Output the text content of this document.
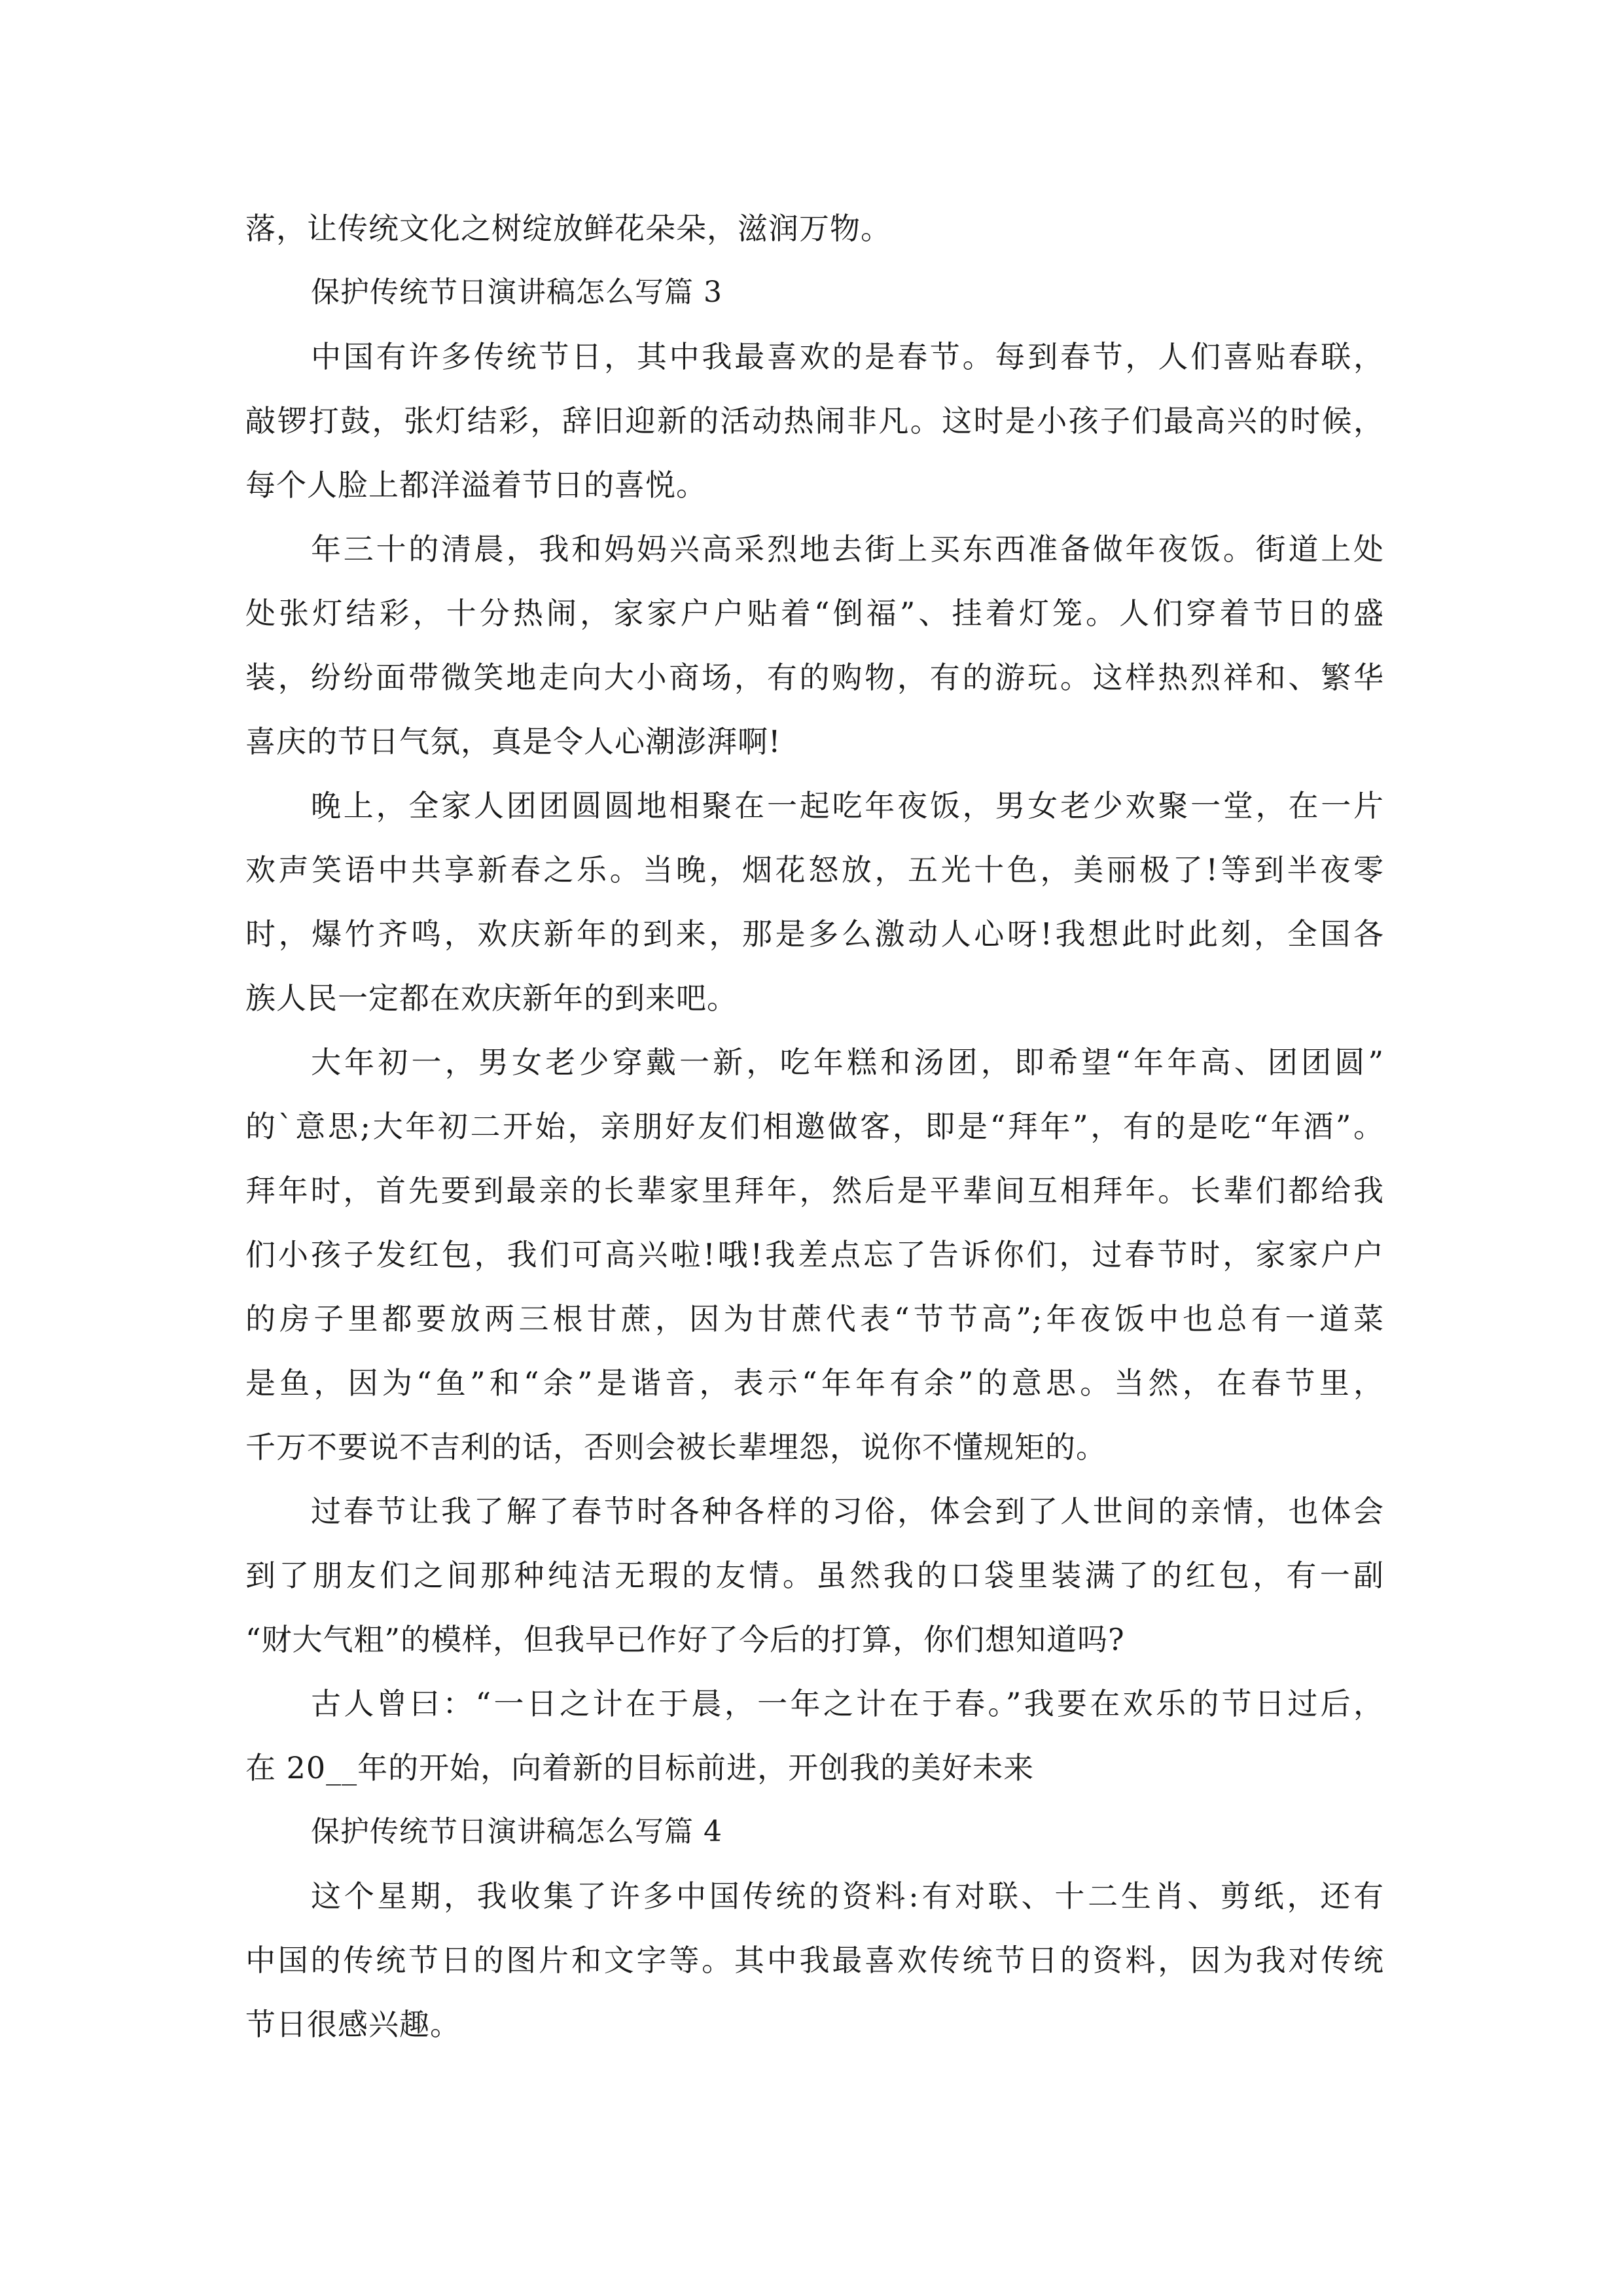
落，让传统文化之树绽放鲜花朵朵，滋润万物。
保护传统节日演讲稿怎么写篇 3
中国有许多传统节日，其中我最喜欢的是春节。每到春节，人们喜贴春联，
敲锣打鼓，张灯结彩，辞旧迎新的活动热闹非凡。这时是小孩子们最高兴的时候，
每个人脸上都洋溢着节日的喜悦。
年三十的清晨，我和妈妈兴高采烈地去街上买东西准备做年夜饭。街道上处
处张灯结彩，十分热闹，家家户户贴着“倒福”、挂着灯笼。人们穿着节日的盛
装，纷纷面带微笑地走向大小商场，有的购物，有的游玩。这样热烈祥和、繁华
喜庆的节日气氛，真是令人心潮澎湃啊!
晚上，全家人团团圆圆地相聚在一起吃年夜饭，男女老少欢聚一堂，在一片
欢声笑语中共享新春之乐。当晚，烟花怒放，五光十色，美丽极了!等到半夜零
时，爆竹齐鸣，欢庆新年的到来，那是多么激动人心呀!我想此时此刻，全国各
族人民一定都在欢庆新年的到来吧。
大年初一，男女老少穿戴一新，吃年糕和汤团，即希望“年年高、团团圆”
的`意思;大年初二开始，亲朋好友们相邀做客，即是“拜年”，有的是吃“年酒”。
拜年时，首先要到最亲的长辈家里拜年，然后是平辈间互相拜年。长辈们都给我
们小孩子发红包，我们可高兴啦!哦!我差点忘了告诉你们，过春节时，家家户户
的房子里都要放两三根甘蔗，因为甘蔗代表“节节高”;年夜饭中也总有一道菜
是鱼，因为“鱼”和“余”是谐音，表示“年年有余”的意思。当然，在春节里，
千万不要说不吉利的话，否则会被长辈埋怨，说你不懂规矩的。
过春节让我了解了春节时各种各样的习俗，体会到了人世间的亲情，也体会
到了朋友们之间那种纯洁无瑕的友情。虽然我的口袋里装满了的红包，有一副
“财大气粗”的模样，但我早已作好了今后的打算，你们想知道吗?
古人曾曰：“一日之计在于晨，一年之计在于春。”我要在欢乐的节日过后，
在 20__年的开始，向着新的目标前进，开创我的美好未来
保护传统节日演讲稿怎么写篇 4
这个星期，我收集了许多中国传统的资料:有对联、十二生肖、剪纸，还有
中国的传统节日的图片和文字等。其中我最喜欢传统节日的资料，因为我对传统
节日很感兴趣。
